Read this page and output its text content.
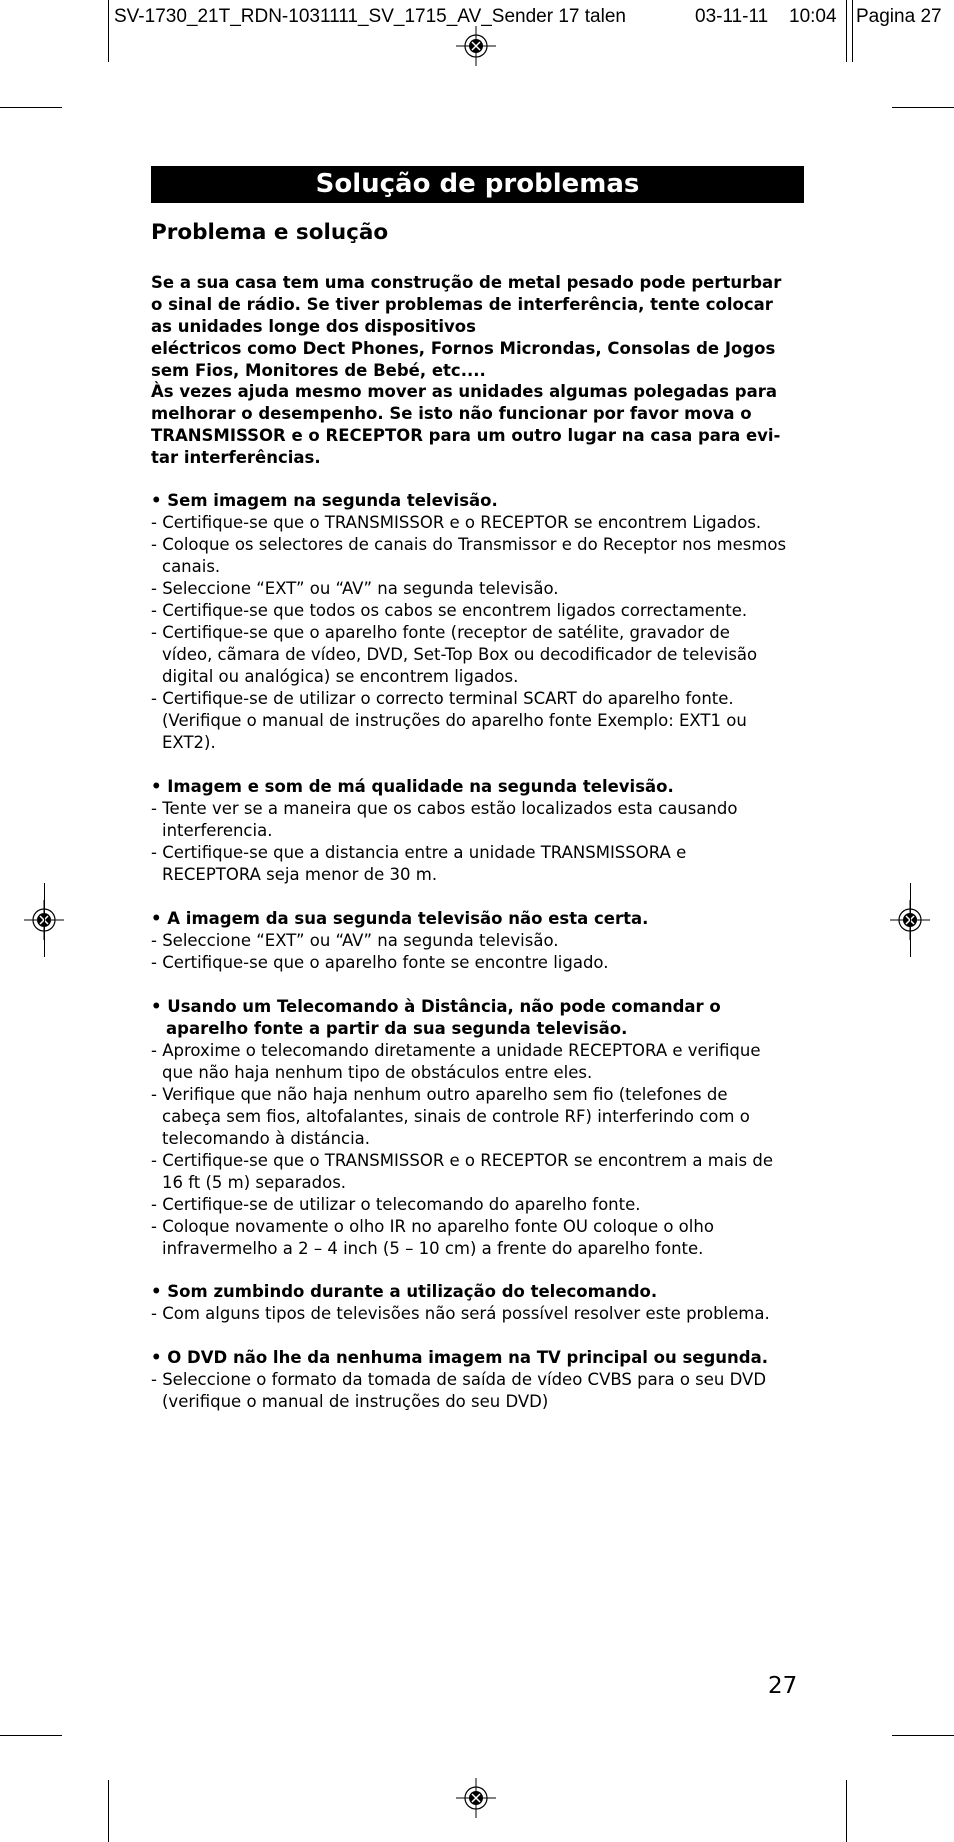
SV-1730_21T_RDN-1031111_SV_1715_AV_Sender 17 talen	03-11-11 10:04 Pagina 27
Solução de problemas
Problema e solução
Se a sua casa tem uma construção de metal pesado pode perturbar
o sinal de rádio. Se tiver problemas de interferência, tente colocar
as unidades longe dos dispositivos
eléctricos como Dect Phones, Fornos Microndas, Consolas de Jogos
sem Fios, Monitores de Bebé, etc....
Às vezes ajuda mesmo mover as unidades algumas polegadas para
melhorar o desempenho. Se isto não funcionar por favor mova o
TRANSMISSOR e o RECEPTOR para um outro lugar na casa para evi-
tar interferências.
• Sem imagem na segunda televisão.
- Certifique-se que o TRANSMISSOR e o RECEPTOR se encontrem Ligados.
- Coloque os selectores de canais do Transmissor e do Receptor nos mesmos
canais.
- Seleccione “EXT” ou “AV” na segunda televisão.
- Certifique-se que todos os cabos se encontrem ligados correctamente.
- Certifique-se que o aparelho fonte (receptor de satélite, gravador de
vídeo, cãmara de vídeo, DVD, Set-Top Box ou decodificador de televisão
digital ou analógica) se encontrem ligados.
- Certifique-se de utilizar o correcto terminal SCART do aparelho fonte.
(Verifique o manual de instruções do aparelho fonte Exemplo: EXT1 ou
EXT2).
• Imagem e som de má qualidade na segunda televisão.
- Tente ver se a maneira que os cabos estão localizados esta causando
interferencia.
- Certifique-se que a distancia entre a unidade TRANSMISSORA e
RECEPTORA seja menor de 30 m.
• A imagem da sua segunda televisão não esta certa.
- Seleccione “EXT” ou “AV” na segunda televisão.
- Certifique-se que o aparelho fonte se encontre ligado.
• Usando um Telecomando à Distância, não pode comandar o
aparelho fonte a partir da sua segunda televisão.
- Aproxime o telecomando diretamente a unidade RECEPTORA e verifique
que não haja nenhum tipo de obstáculos entre eles.
- Verifique que não haja nenhum outro aparelho sem fio (telefones de
cabeça sem fios, altofalantes, sinais de controle RF) interferindo com o
telecomando à distáncia.
- Certifique-se que o TRANSMISSOR e o RECEPTOR se encontrem a mais de
16 ft (5 m) separados.
- Certifique-se de utilizar o telecomando do aparelho fonte.
- Coloque novamente o olho IR no aparelho fonte OU coloque o olho
infravermelho a 2 – 4 inch (5 – 10 cm) a frente do aparelho fonte.
• Som zumbindo durante a utilização do telecomando.
- Com alguns tipos de televisões não será possível resolver este problema.
• O DVD não lhe da nenhuma imagem na TV principal ou segunda.
- Seleccione o formato da tomada de saída de vídeo CVBS para o seu DVD
(verifique o manual de instruções do seu DVD)
27
